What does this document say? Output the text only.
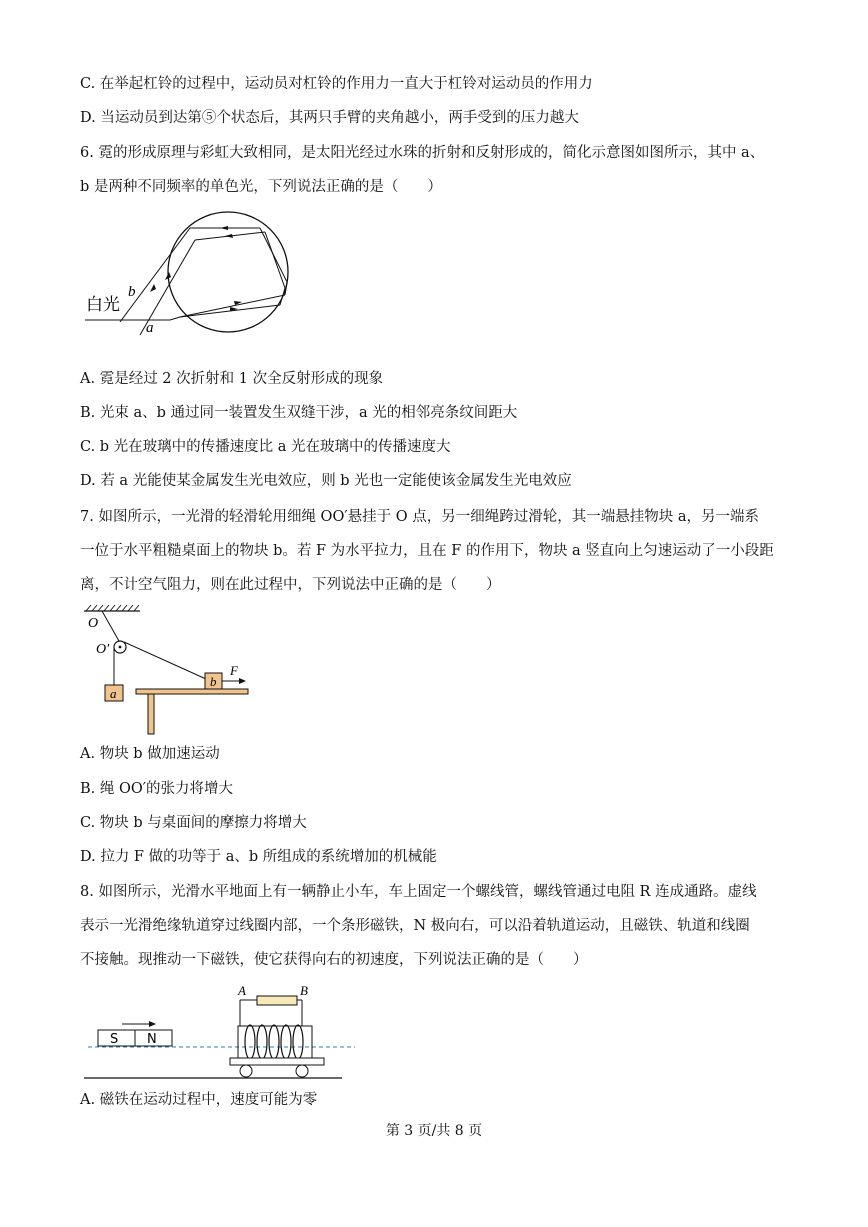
C. 在举起杠铃的过程中，运动员对杠铃的作用力一直大于杠铃对运动员的作用力
D. 当运动员到达第⑤个状态后，其两只手臂的夹角越小，两手受到的压力越大
6. 霓的形成原理与彩虹大致相同，是太阳光经过水珠的折射和反射形成的，简化示意图如图所示，其中 a、
b 是两种不同频率的单色光，下列说法正确的是（　　）
白光
b
a
A. 霓是经过 2 次折射和 1 次全反射形成的现象
B. 光束 a、b 通过同一装置发生双缝干涉，a 光的相邻亮条纹间距大
C. b 光在玻璃中的传播速度比 a 光在玻璃中的传播速度大
D. 若 a 光能使某金属发生光电效应，则 b 光也一定能使该金属发生光电效应
7. 如图所示，一光滑的轻滑轮用细绳 OO′悬挂于 O 点，另一细绳跨过滑轮，其一端悬挂物块 a，另一端系
一位于水平粗糙桌面上的物块 b。若 F 为水平拉力，且在 F 的作用下，物块 a 竖直向上匀速运动了一小段距
离，不计空气阻力，则在此过程中，下列说法中正确的是（　　）
O
O′
a
b
F
A. 物块 b 做加速运动
B. 绳 OO′的张力将增大
C. 物块 b 与桌面间的摩擦力将增大
D. 拉力 F 做的功等于 a、b 所组成的系统增加的机械能
8. 如图所示，光滑水平地面上有一辆静止小车，车上固定一个螺线管，螺线管通过电阻 R 连成通路。虚线
表示一光滑绝缘轨道穿过线圈内部，一个条形磁铁，N 极向右，可以沿着轨道运动，且磁铁、轨道和线圈
不接触。现推动一下磁铁，使它获得向右的初速度，下列说法正确的是（　　）
S N
A	B
A. 磁铁在运动过程中，速度可能为零
第 3 页/共 8 页
